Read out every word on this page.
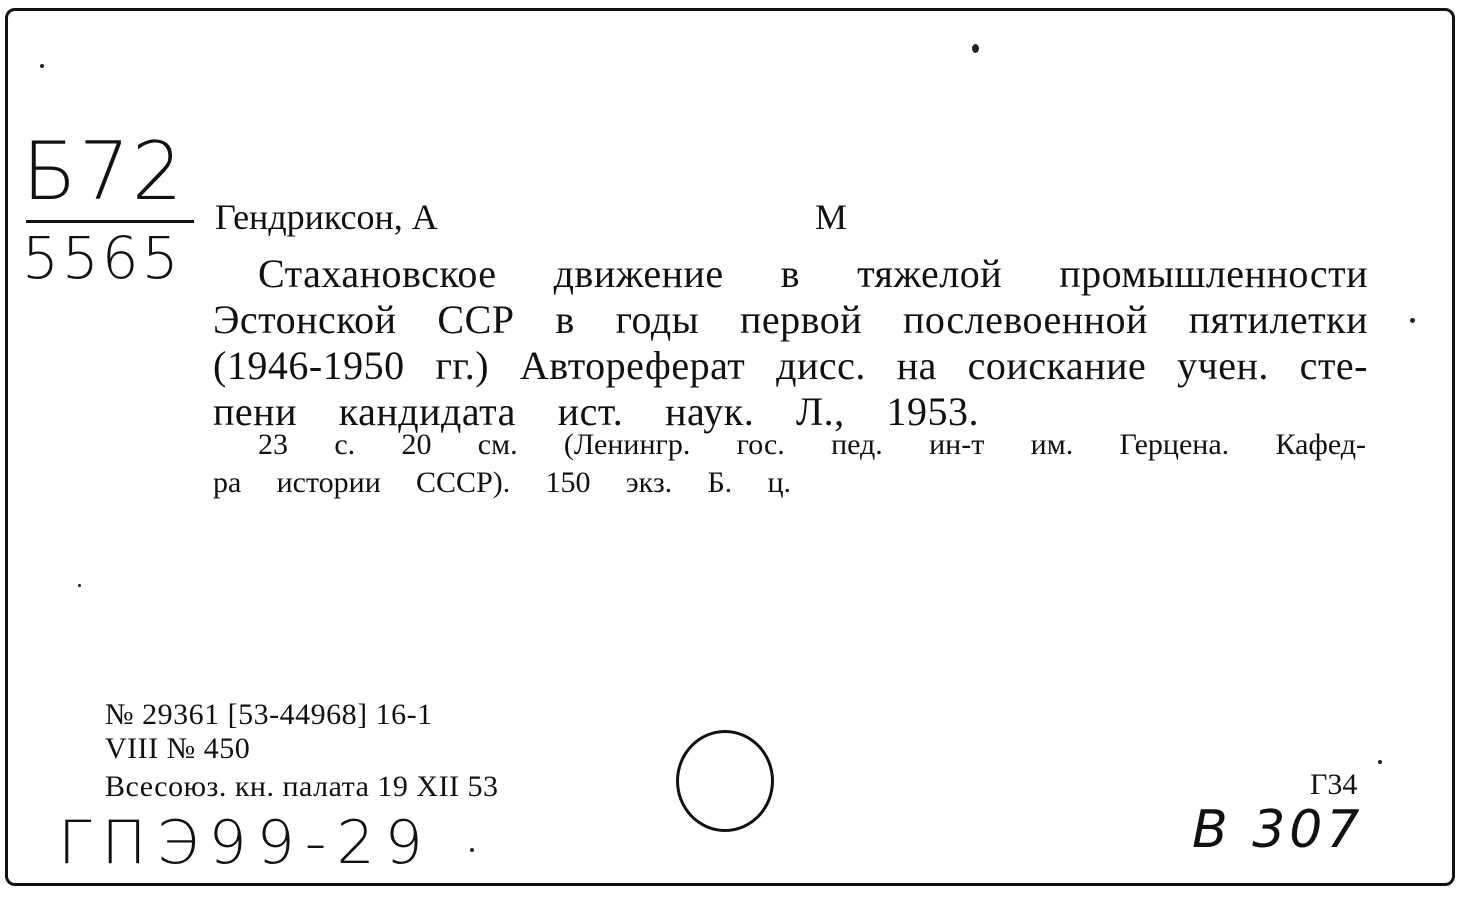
Б72
5565
Гендриксон, А	М
Стахановское движение в тяжелой промышленности
Эстонской ССР в годы первой послевоенной пятилетки
(1946-1950 гг.) Автореферат дисс. на соискание учен. сте-
пени кандидата ист. наук. Л., 1953.
23 с. 20 см. (Ленингр. гос. пед. ин-т им. Герцена. Кафед-
ра истории СССР). 150 экз. Б. ц.
№ 29361 [53-44968] 16-1
VIII № 450
Всесоюз. кн. палата 19 XII 53	Г34
ГПЭ99-29	В 307
